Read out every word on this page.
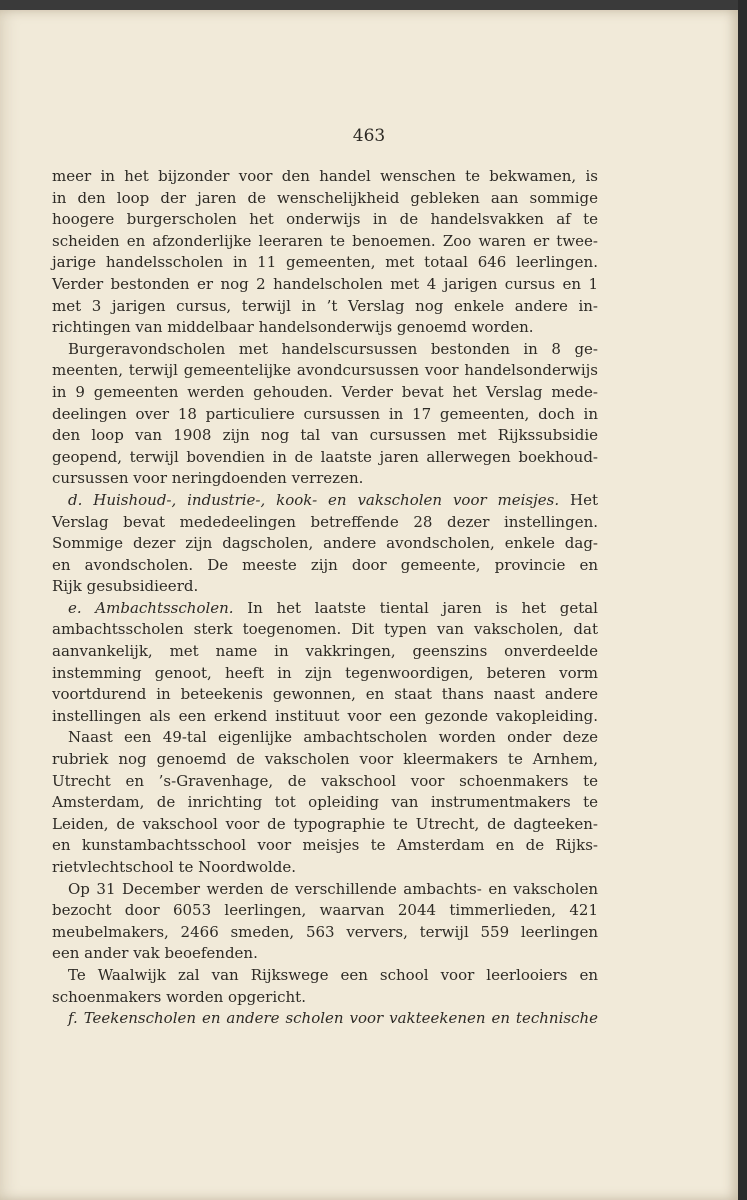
463
meer in het bijzonder voor den handel wenschen te bekwamen, is
in den loop der jaren de wenschelijkheid gebleken aan sommige
hoogere burgerscholen het onderwijs in de handelsvakken af te
scheiden en afzonderlijke leeraren te benoemen. Zoo waren er twee-
jarige handelsscholen in 11 gemeenten, met totaal 646 leerlingen.
Verder bestonden er nog 2 handelscholen met 4 jarigen cursus en 1
met 3 jarigen cursus, terwijl in ’t Verslag nog enkele andere in-
richtingen van middelbaar handelsonderwijs genoemd worden.
Burgeravondscholen met handelscursussen bestonden in 8 ge-
meenten, terwijl gemeentelijke avondcursussen voor handelsonderwijs
in 9 gemeenten werden gehouden. Verder bevat het Verslag mede-
deelingen over 18 particuliere cursussen in 17 gemeenten, doch in
den loop van 1908 zijn nog tal van cursussen met Rijkssubsidie
geopend, terwijl bovendien in de laatste jaren allerwegen boekhoud-
cursussen voor neringdoenden verrezen.
d. Huishoud-, industrie-, kook- en vakscholen voor meisjes. Het
Verslag bevat mededeelingen betreffende 28 dezer instellingen.
Sommige dezer zijn dagscholen, andere avondscholen, enkele dag-
en avondscholen. De meeste zijn door gemeente, provincie en
Rijk gesubsidieerd.
e. Ambachtsscholen. In het laatste tiental jaren is het getal
ambachtsscholen sterk toegenomen. Dit typen van vakscholen, dat
aanvankelijk, met name in vakkringen, geenszins onverdeelde
instemming genoot, heeft in zijn tegenwoordigen, beteren vorm
voortdurend in beteekenis gewonnen, en staat thans naast andere
instellingen als een erkend instituut voor een gezonde vakopleiding.
Naast een 49-tal eigenlijke ambachtscholen worden onder deze
rubriek nog genoemd de vakscholen voor kleermakers te Arnhem,
Utrecht en ’s-Gravenhage, de vakschool voor schoenmakers te
Amsterdam, de inrichting tot opleiding van instrumentmakers te
Leiden, de vakschool voor de typographie te Utrecht, de dagteeken-
en kunstambachtsschool voor meisjes te Amsterdam en de Rijks-
rietvlechtschool te Noordwolde.
Op 31 December werden de verschillende ambachts- en vakscholen
bezocht door 6053 leerlingen, waarvan 2044 timmerlieden, 421
meubelmakers, 2466 smeden, 563 ververs, terwijl 559 leerlingen
een ander vak beoefenden.
Te Waalwijk zal van Rijkswege een school voor leerlooiers en
schoenmakers worden opgericht.
f. Teekenscholen en andere scholen voor vakteekenen en technische
